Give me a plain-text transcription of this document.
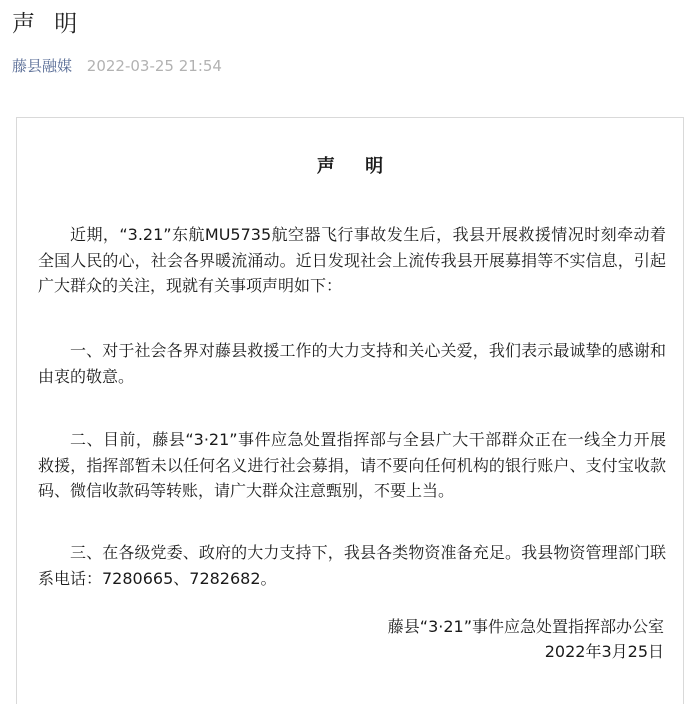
声 明
藤县融媒 2022-03-25 21:54
声 明

近期，“3.21”东航MU5735航空器飞行事故发生后，我县开展救援情况时刻牵动着全国人民的心，社会各界暖流涌动。近日发现社会上流传我县开展募捐等不实信息，引起广大群众的关注，现就有关事项声明如下：

一、对于社会各界对藤县救援工作的大力支持和关心关爱，我们表示最诚挚的感谢和由衷的敬意。

二、目前，藤县“3·21”事件应急处置指挥部与全县广大干部群众正在一线全力开展救援，指挥部暂未以任何名义进行社会募捐，请不要向任何机构的银行账户、支付宝收款码、微信收款码等转账，请广大群众注意甄别，不要上当。

三、在各级党委、政府的大力支持下，我县各类物资准备充足。我县物资管理部门联系电话：7280665、7282682。

藤县“3·21”事件应急处置指挥部办公室
2022年3月25日
